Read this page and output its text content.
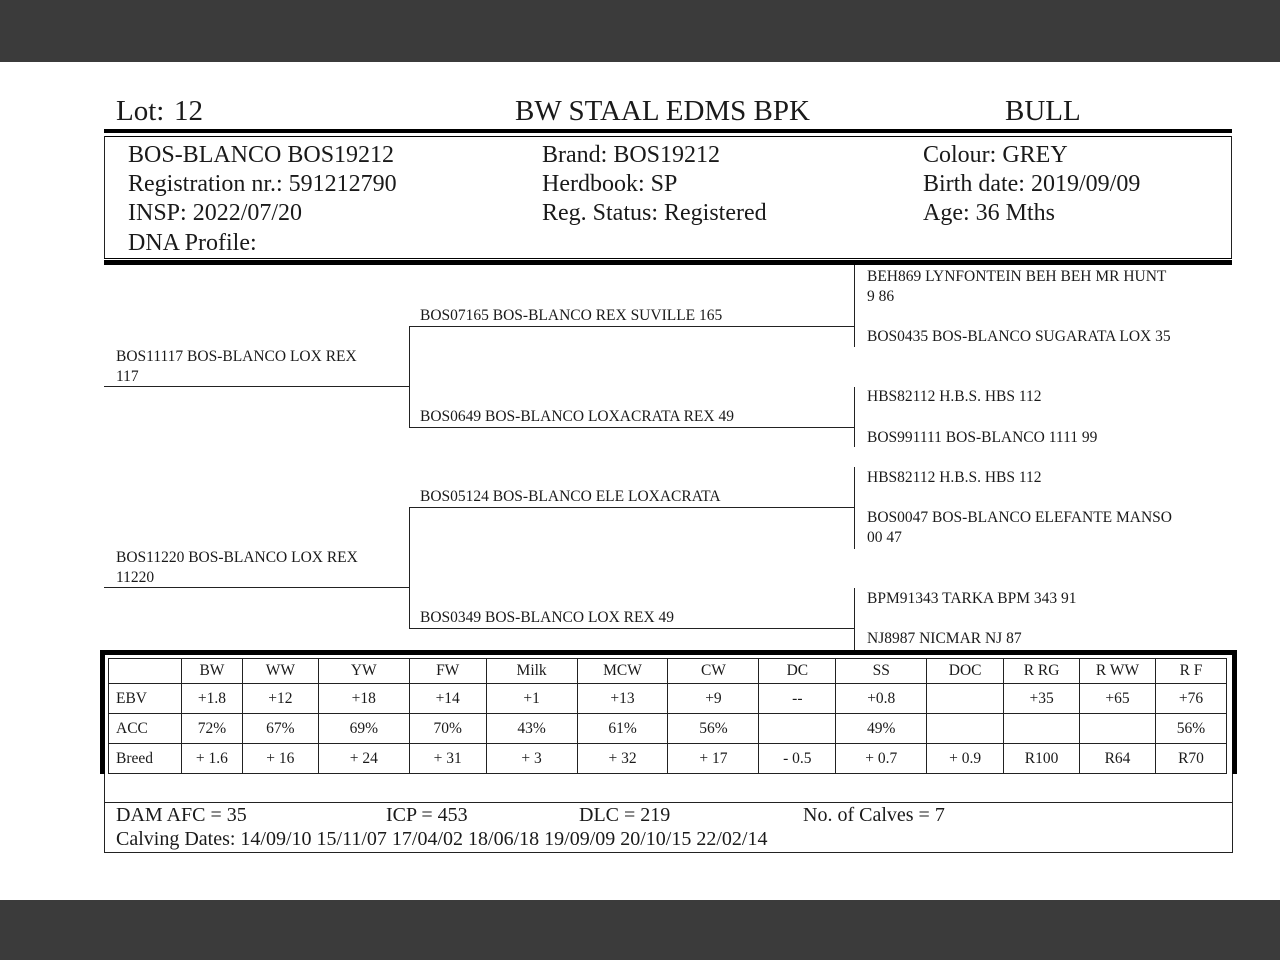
Lot: 12	BW STAAL EDMS BPK	BULL
BOS-BLANCO BOS19212
Registration nr.: 591212790
INSP: 2022/07/20
DNA Profile:
Brand: BOS19212
Herdbook: SP
Reg. Status: Registered
Colour: GREY
Birth date: 2019/09/09
Age: 36 Mths
BOS11117 BOS-BLANCO LOX REX
117
BOS11220 BOS-BLANCO LOX REX
11220
BOS07165 BOS-BLANCO REX SUVILLE 165
BOS0649 BOS-BLANCO LOXACRATA REX 49
BOS05124 BOS-BLANCO ELE LOXACRATA
BOS0349 BOS-BLANCO LOX REX 49
BEH869 LYNFONTEIN BEH BEH MR HUNT
9 86
BOS0435 BOS-BLANCO SUGARATA LOX 35
HBS82112 H.B.S. HBS 112
BOS991111 BOS-BLANCO 1111 99
HBS82112 H.B.S. HBS 112
BOS0047 BOS-BLANCO ELEFANTE MANSO
00 47
BPM91343 TARKA BPM 343 91
NJ8987 NICMAR NJ 87
	BW	WW	YW	FW	Milk	MCW	CW	DC	SS	DOC	R RG	R WW	R F
EBV	+1.8	+12	+18	+14	+1	+13	+9	--	+0.8		+35	+65	+76
ACC	72%	67%	69%	70%	43%	61%	56%		49%				56%
Breed	+ 1.6	+ 16	+ 24	+ 31	+ 3	+ 32	+ 17	- 0.5	+ 0.7	+ 0.9	R100	R64	R70
DAM AFC = 35	ICP = 453	DLC = 219	No. of Calves = 7
Calving Dates: 14/09/10 15/11/07 17/04/02 18/06/18 19/09/09 20/10/15 22/02/14
